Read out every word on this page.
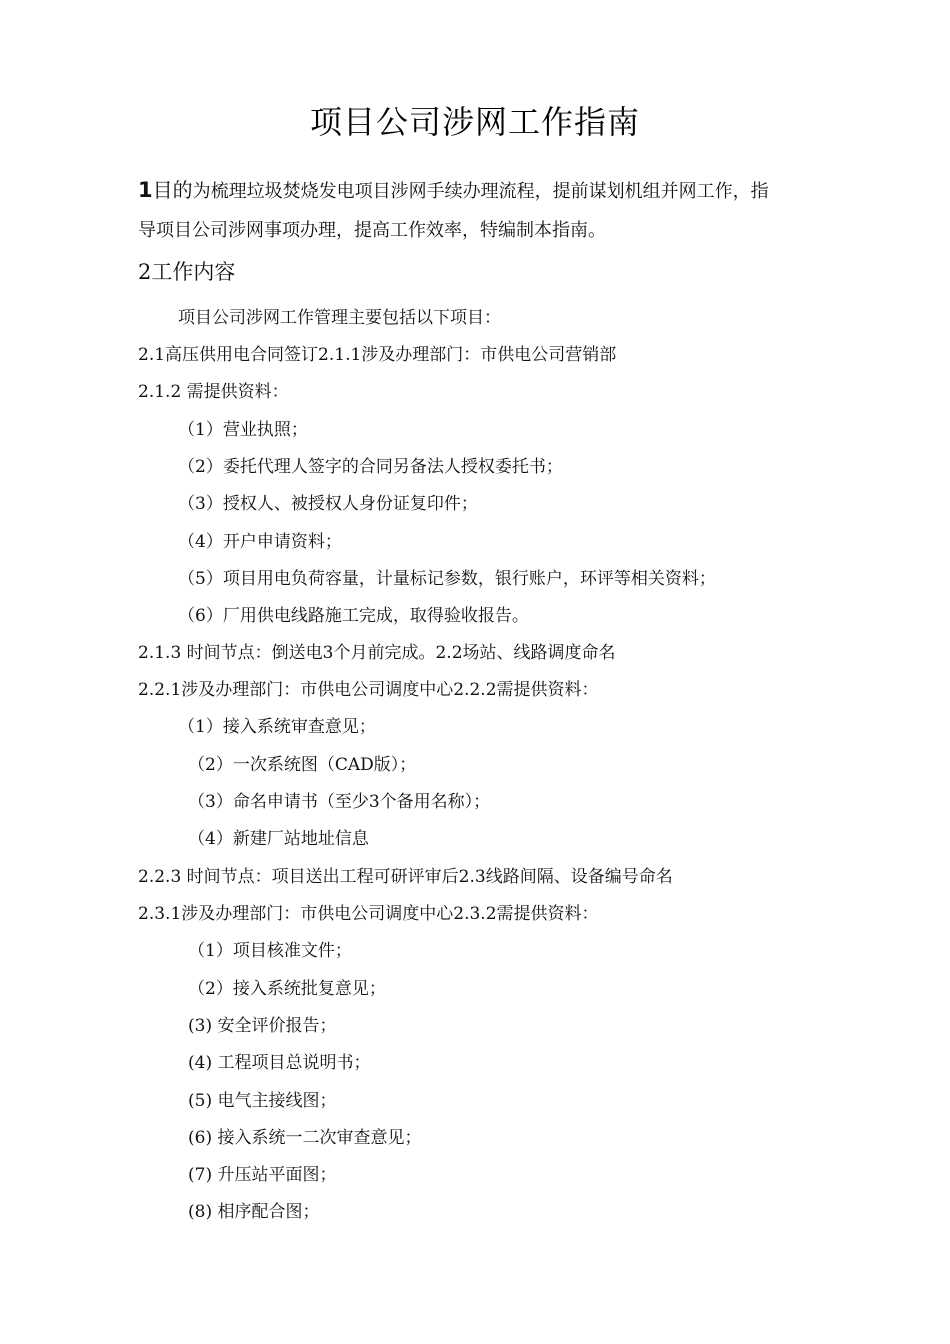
项目公司涉网工作指南
1目的为梳理垃圾焚烧发电项目涉网手续办理流程，提前谋划机组并网工作，指
导项目公司涉网事项办理，提高工作效率，特编制本指南。
2工作内容
项目公司涉网工作管理主要包括以下项目：
2.1高压供用电合同签订2.1.1涉及办理部门：市供电公司营销部
2.1.2 需提供资料：
（1）营业执照；
（2）委托代理人签字的合同另备法人授权委托书；
（3）授权人、被授权人身份证复印件；
（4）开户申请资料；
（5）项目用电负荷容量，计量标记参数，银行账户，环评等相关资料；
（6）厂用供电线路施工完成，取得验收报告。
2.1.3 时间节点：倒送电3个月前完成。2.2场站、线路调度命名
2.2.1涉及办理部门：市供电公司调度中心2.2.2需提供资料：
（1）接入系统审查意见；
（2）一次系统图（CAD版）；
（3）命名申请书（至少3个备用名称）；
（4）新建厂站地址信息
2.2.3 时间节点：项目送出工程可研评审后2.3线路间隔、设备编号命名
2.3.1涉及办理部门：市供电公司调度中心2.3.2需提供资料：
（1）项目核准文件；
（2）接入系统批复意见；
(3) 安全评价报告；
(4) 工程项目总说明书；
(5) 电气主接线图；
(6) 接入系统一二次审查意见；
(7) 升压站平面图；
(8) 相序配合图；
